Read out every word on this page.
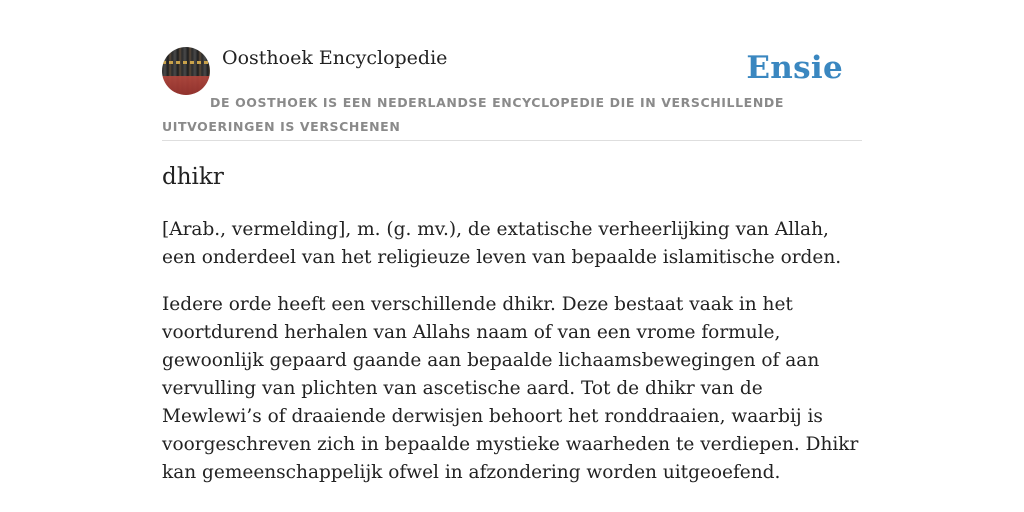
Oosthoek Encyclopedie	Ensie
DE OOSTHOEK IS EEN NEDERLANDSE ENCYCLOPEDIE DIE IN VERSCHILLENDE UITVOERINGEN IS VERSCHENEN
dhikr

[Arab., vermelding], m. (g. mv.), de extatische verheerlijking van Allah, een onderdeel van het religieuze leven van bepaalde islamitische orden.

Iedere orde heeft een verschillende dhikr. Deze bestaat vaak in het voortdurend herhalen van Allahs naam of van een vrome formule, gewoonlijk gepaard gaande aan bepaalde lichaamsbewegingen of aan vervulling van plichten van ascetische aard. Tot de dhikr van de Mewlewi’s of draaiende derwisjen behoort het ronddraaien, waarbij is voorgeschreven zich in bepaalde mystieke waarheden te verdiepen. Dhikr kan gemeenschappelijk ofwel in afzondering worden uitgeoefend.
